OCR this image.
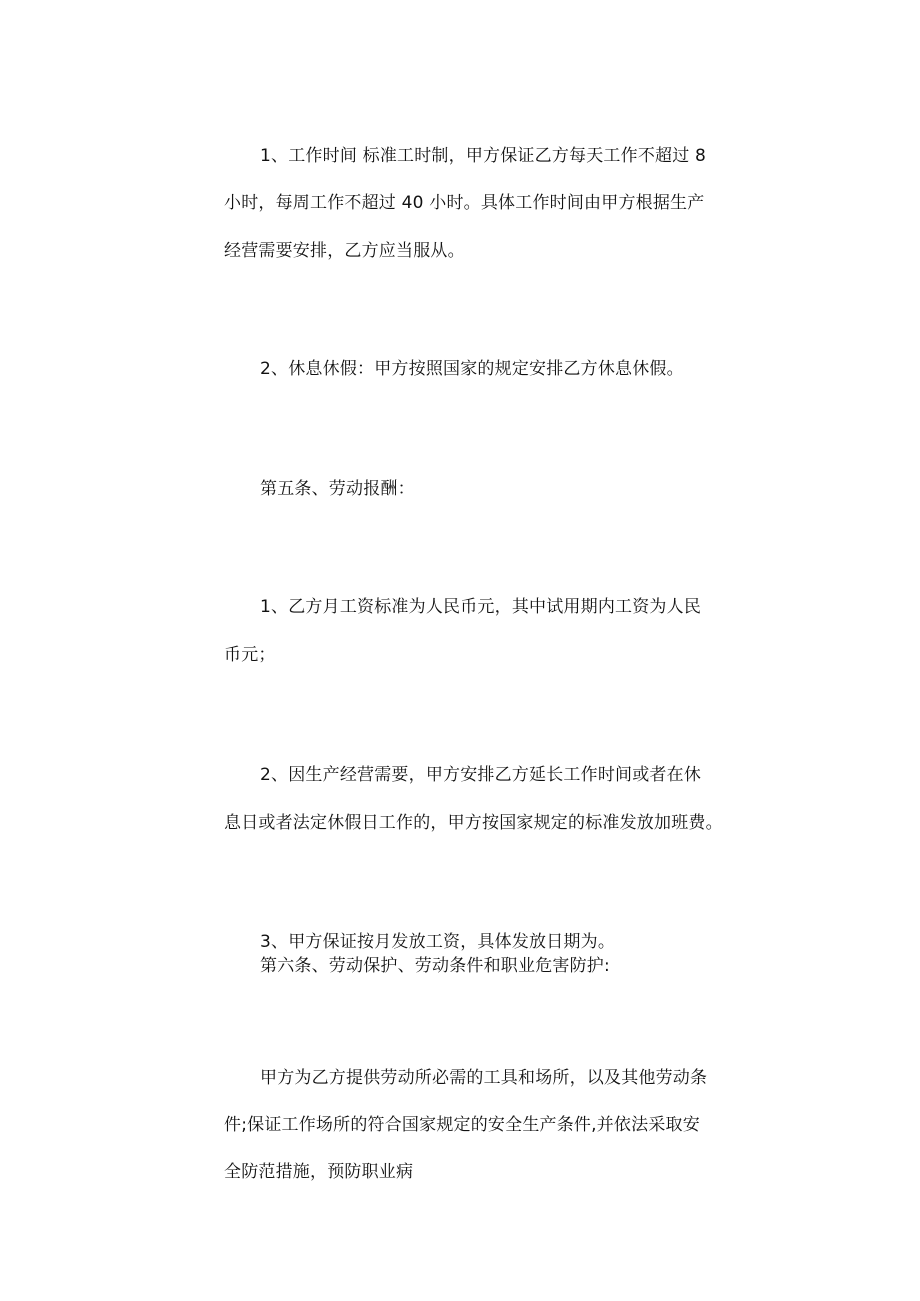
1、工作时间 标准工时制，甲方保证乙方每天工作不超过 8
小时，每周工作不超过 40 小时。具体工作时间由甲方根据生产
经营需要安排，乙方应当服从。
2、休息休假：甲方按照国家的规定安排乙方休息休假。
第五条、劳动报酬：
1、乙方月工资标准为人民币元，其中试用期内工资为人民
币元；
2、因生产经营需要，甲方安排乙方延长工作时间或者在休
息日或者法定休假日工作的，甲方按国家规定的标准发放加班费。
3、甲方保证按月发放工资，具体发放日期为。
第六条、劳动保护、劳动条件和职业危害防护:
甲方为乙方提供劳动所必需的工具和场所，以及其他劳动条
件;保证工作场所的符合国家规定的安全生产条件,并依法采取安
全防范措施，预防职业病
